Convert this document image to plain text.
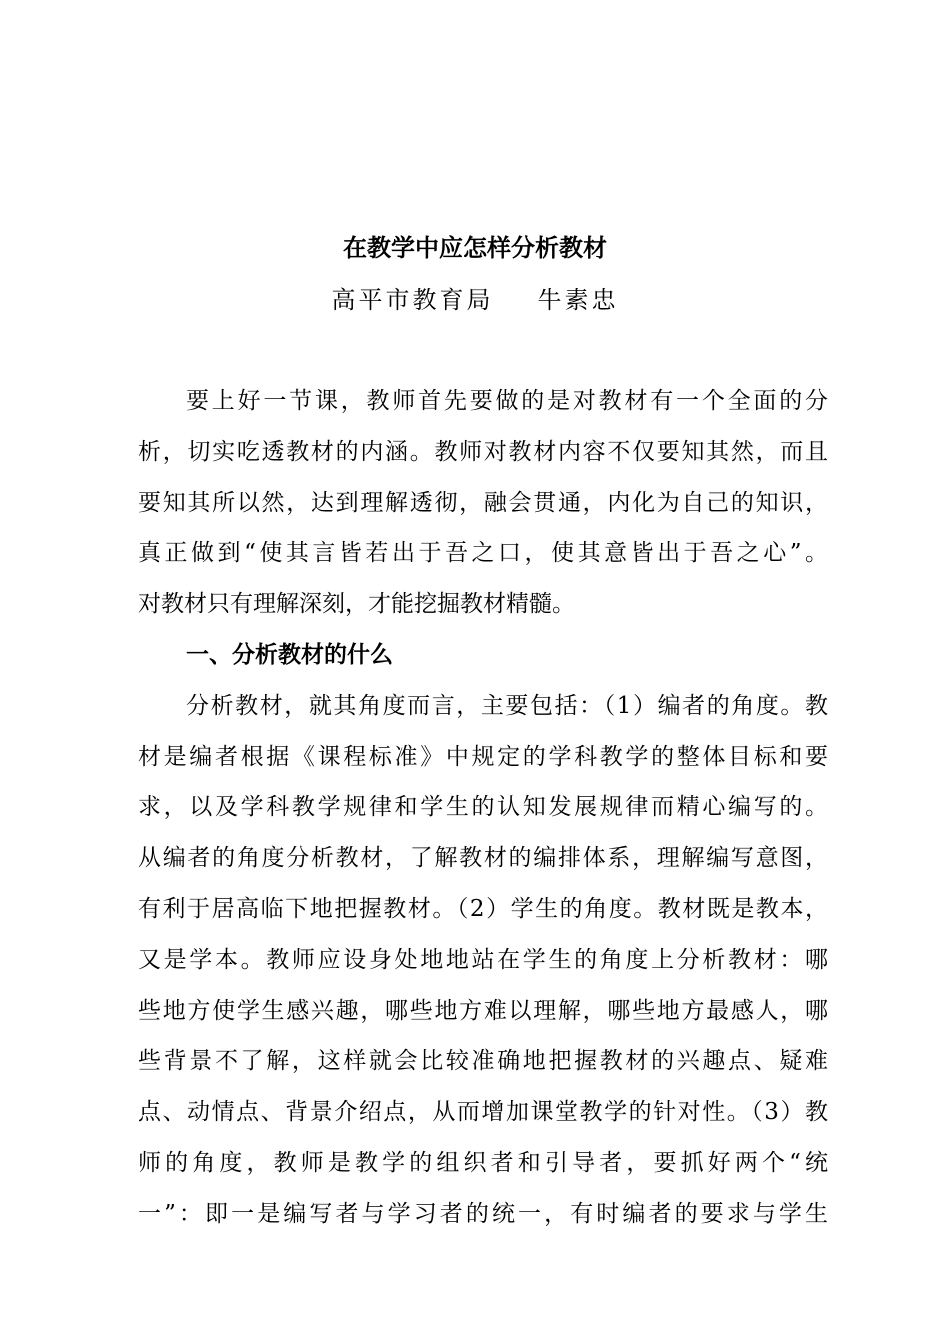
在教学中应怎样分析教材
高平市教育局 牛素忠
要上好一节课，教师首先要做的是对教材有一个全面的分
析，切实吃透教材的内涵。教师对教材内容不仅要知其然，而且
要知其所以然，达到理解透彻，融会贯通，内化为自己的知识，
真正做到“使其言皆若出于吾之口，使其意皆出于吾之心”。
对教材只有理解深刻，才能挖掘教材精髓。
一、分析教材的什么
分析教材，就其角度而言，主要包括：（1）编者的角度。教
材是编者根据《课程标准》中规定的学科教学的整体目标和要
求，以及学科教学规律和学生的认知发展规律而精心编写的。
从编者的角度分析教材，了解教材的编排体系，理解编写意图，
有利于居高临下地把握教材。（2）学生的角度。教材既是教本，
又是学本。教师应设身处地地站在学生的角度上分析教材：哪
些地方使学生感兴趣，哪些地方难以理解，哪些地方最感人，哪
些背景不了解，这样就会比较准确地把握教材的兴趣点、疑难
点、动情点、背景介绍点，从而增加课堂教学的针对性。（3）教
师的角度，教师是教学的组织者和引导者，要抓好两个“统
一”：即一是编写者与学习者的统一，有时编者的要求与学生
